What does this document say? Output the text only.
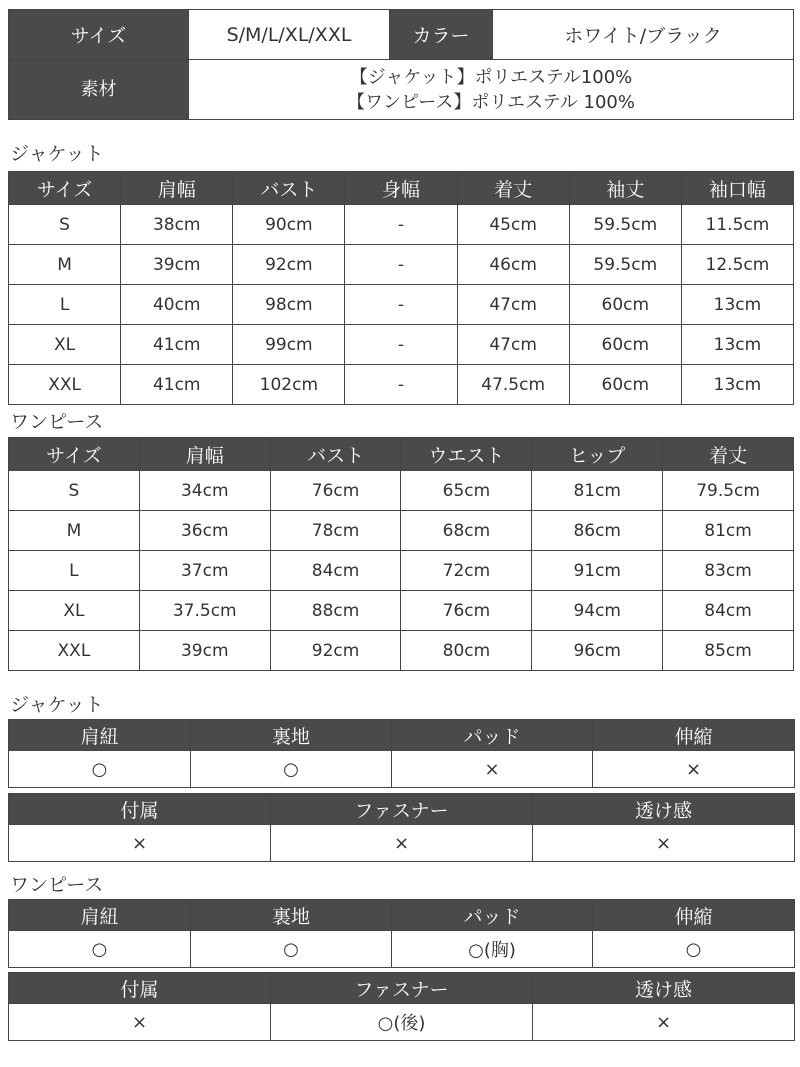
サイズ	S/M/L/XL/XXL	カラー	ホワイト/ブラック
素材	【ジャケット】ポリエステル100%
【ワンピース】ポリエステル 100%		
ジャケット
サイズ	肩幅	バスト	身幅	着丈	袖丈	袖口幅
S	38cm	90cm	-	45cm	59.5cm	11.5cm
M	39cm	92cm	-	46cm	59.5cm	12.5cm
L	40cm	98cm	-	47cm	60cm	13cm
XL	41cm	99cm	-	47cm	60cm	13cm
XXL	41cm	102cm	-	47.5cm	60cm	13cm
ワンピース
サイズ	肩幅	バスト	ウエスト	ヒップ	着丈
S	34cm	76cm	65cm	81cm	79.5cm
M	36cm	78cm	68cm	86cm	81cm
L	37cm	84cm	72cm	91cm	83cm
XL	37.5cm	88cm	76cm	94cm	84cm
XXL	39cm	92cm	80cm	96cm	85cm
ジャケット
肩紐	裏地	パッド	伸縮
○	○	×	×
付属	ファスナー	透け感
×	×	×
ワンピース
肩紐	裏地	パッド	伸縮
○	○	○(胸)	○
付属	ファスナー	透け感
×	○(後)	×
